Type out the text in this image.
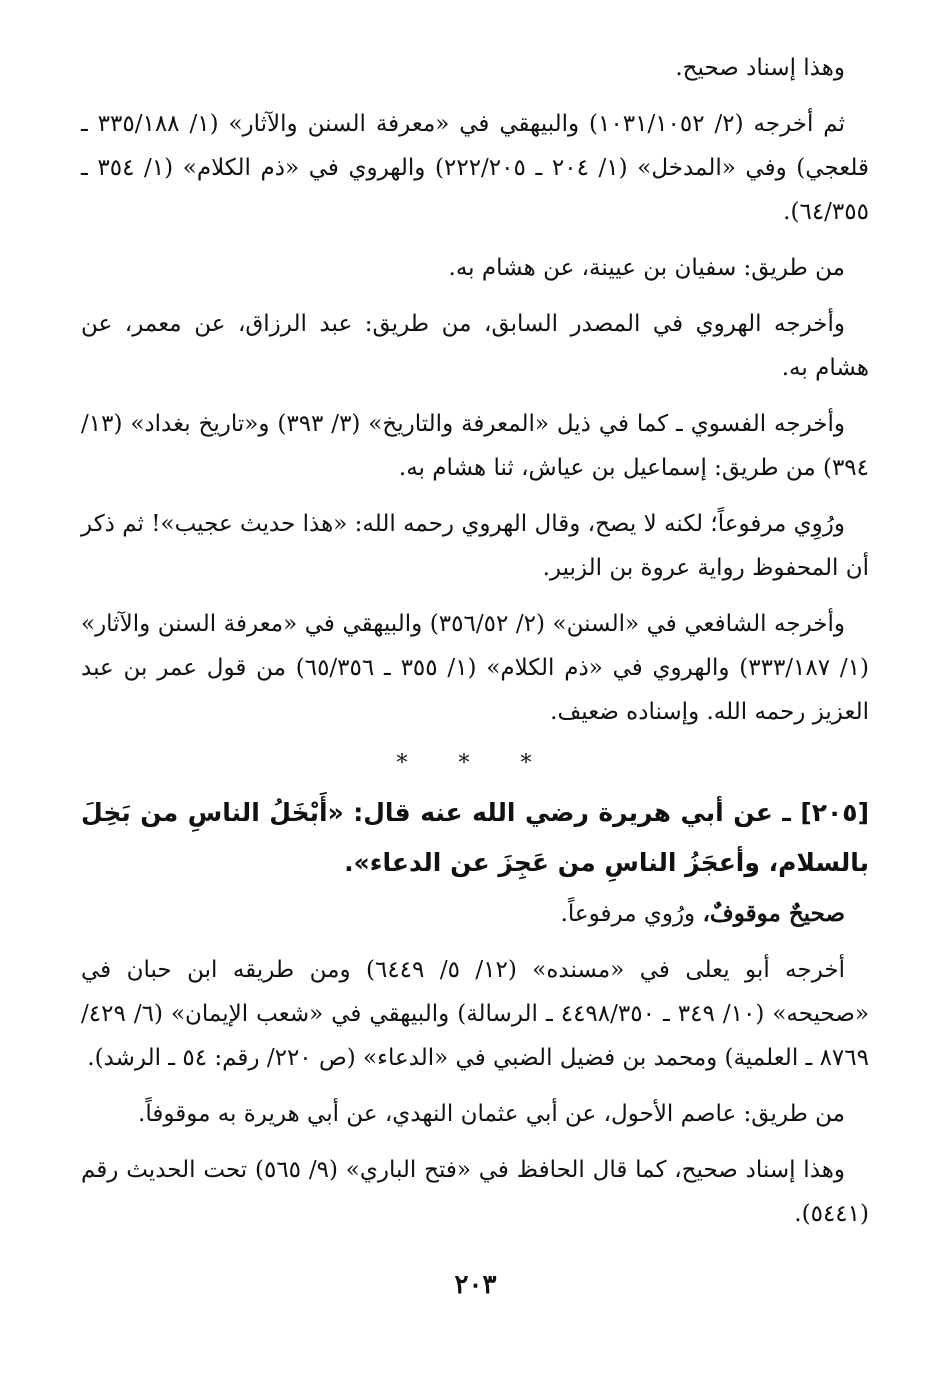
وهذا إسناد صحيح.

ثم أخرجه (٢/ ١٠٣١/١٠٥٢) والبيهقي في «معرفة السنن والآثار» (١/ ٣٣٥/١٨٨ ـ قلعجي) وفي «المدخل» (١/ ٢٠٤ ـ ٢٢٢/٢٠٥) والهروي في «ذم الكلام» (١/ ٣٥٤ ـ ٦٤/٣٥٥).

من طريق: سفيان بن عيينة، عن هشام به.

وأخرجه الهروي في المصدر السابق، من طريق: عبد الرزاق، عن معمر، عن هشام به.

وأخرجه الفسوي ـ كما في ذيل «المعرفة والتاريخ» (٣/ ٣٩٣) و«تاريخ بغداد» (١٣/ ٣٩٤) من طريق: إسماعيل بن عياش، ثنا هشام به.

ورُوِي مرفوعاً؛ لكنه لا يصح، وقال الهروي رحمه الله: «هذا حديث عجيب»! ثم ذكر أن المحفوظ رواية عروة بن الزبير.

وأخرجه الشافعي في «السنن» (٢/ ٣٥٦/٥٢) والبيهقي في «معرفة السنن والآثار» (١/ ٣٣٣/١٨٧) والهروي في «ذم الكلام» (١/ ٣٥٥ ـ ٦٥/٣٥٦) من قول عمر بن عبد العزيز رحمه الله. وإسناده ضعيف.

* * *

[٢٠٥] ـ عن أبي هريرة رضي الله عنه قال: «أَبْخَلُ الناسِ من بَخِلَ بالسلام، وأعجَزُ الناسِ من عَجِزَ عن الدعاء».

صحيحٌ موقوفٌ، ورُوي مرفوعاً.

أخرجه أبو يعلى في «مسنده» (١٢/ ٥/ ٦٤٤٩) ومن طريقه ابن حبان في «صحيحه» (١٠/ ٣٤٩ ـ ٤٤٩٨/٣٥٠ ـ الرسالة) والبيهقي في «شعب الإيمان» (٦/ ٤٢٩/ ٨٧٦٩ ـ العلمية) ومحمد بن فضيل الضبي في «الدعاء» (ص ٢٢٠/ رقم: ٥٤ ـ الرشد).

من طريق: عاصم الأحول، عن أبي عثمان النهدي، عن أبي هريرة به موقوفاً.

وهذا إسناد صحيح، كما قال الحافظ في «فتح الباري» (٩/ ٥٦٥) تحت الحديث رقم (٥٤٤١).

٢٠٣
